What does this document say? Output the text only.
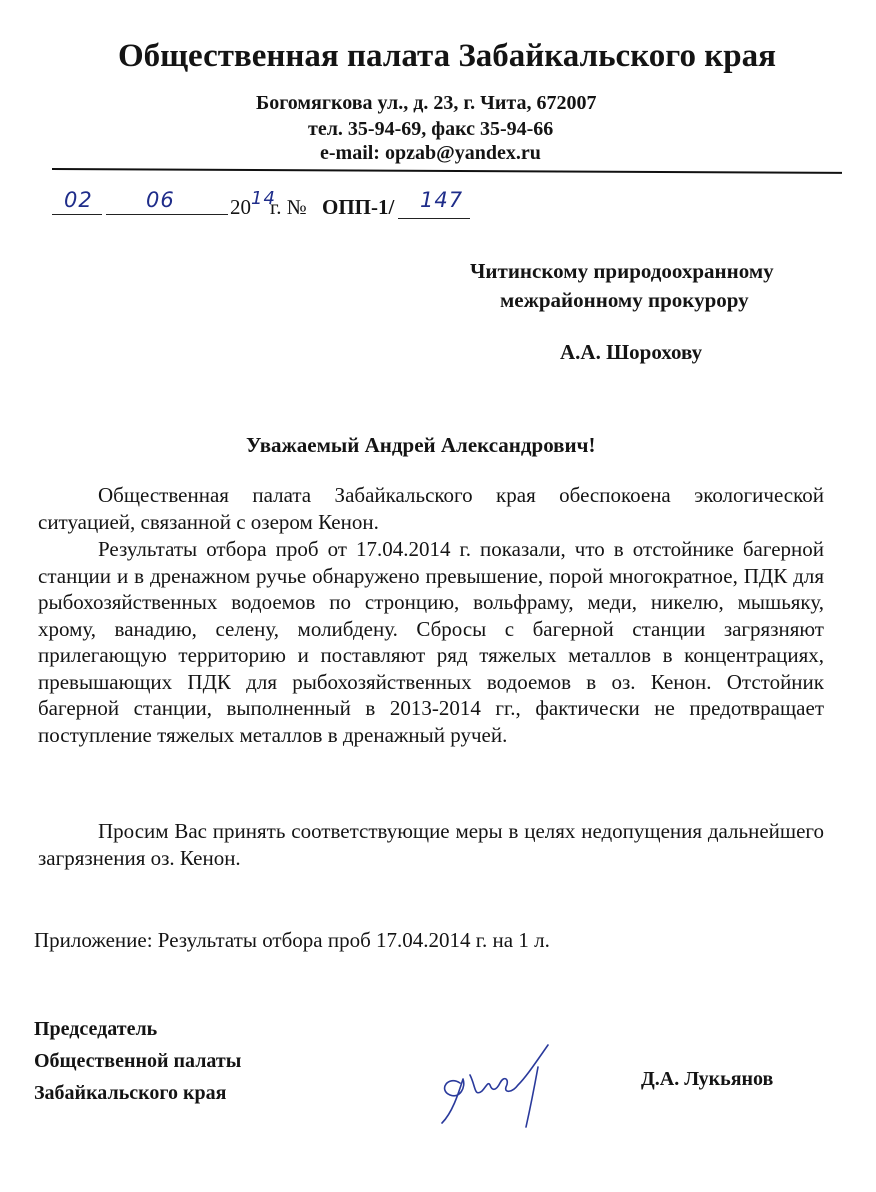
Общественная палата Забайкальского края
Богомягкова ул., д. 23, г. Чита, 672007
тел. 35-94-69, факс 35-94-66
e-mail: opzab@yandex.ru
02	06	20 14
г. № ОПП-1/ 147
Читинскому природоохранному
межрайонному прокурору
А.А. Шорохову
Уважаемый Андрей Александрович!
Общественная палата Забайкальского края обеспокоена экологической ситуацией, связанной с озером Кенон.
Результаты отбора проб от 17.04.2014 г. показали, что в отстойнике багерной станции и в дренажном ручье обнаружено превышение, порой многократное, ПДК для рыбохозяйственных водоемов по стронцию, вольфраму, меди, никелю, мышьяку, хрому, ванадию, селену, молибдену. Сбросы с багерной станции загрязняют прилегающую территорию и поставляют ряд тяжелых металлов в концентрациях, превышающих ПДК для рыбохозяйственных водоемов в оз. Кенон. Отстойник багерной станции, выполненный в 2013-2014 гг., фактически не предотвращает поступление тяжелых металлов в дренажный ручей.
Просим Вас принять соответствующие меры в целях недопущения дальнейшего загрязнения оз. Кенон.
Приложение: Результаты отбора проб 17.04.2014 г. на 1 л.
Председатель
Общественной палаты
Забайкальского края
Д.А. Лукьянов
